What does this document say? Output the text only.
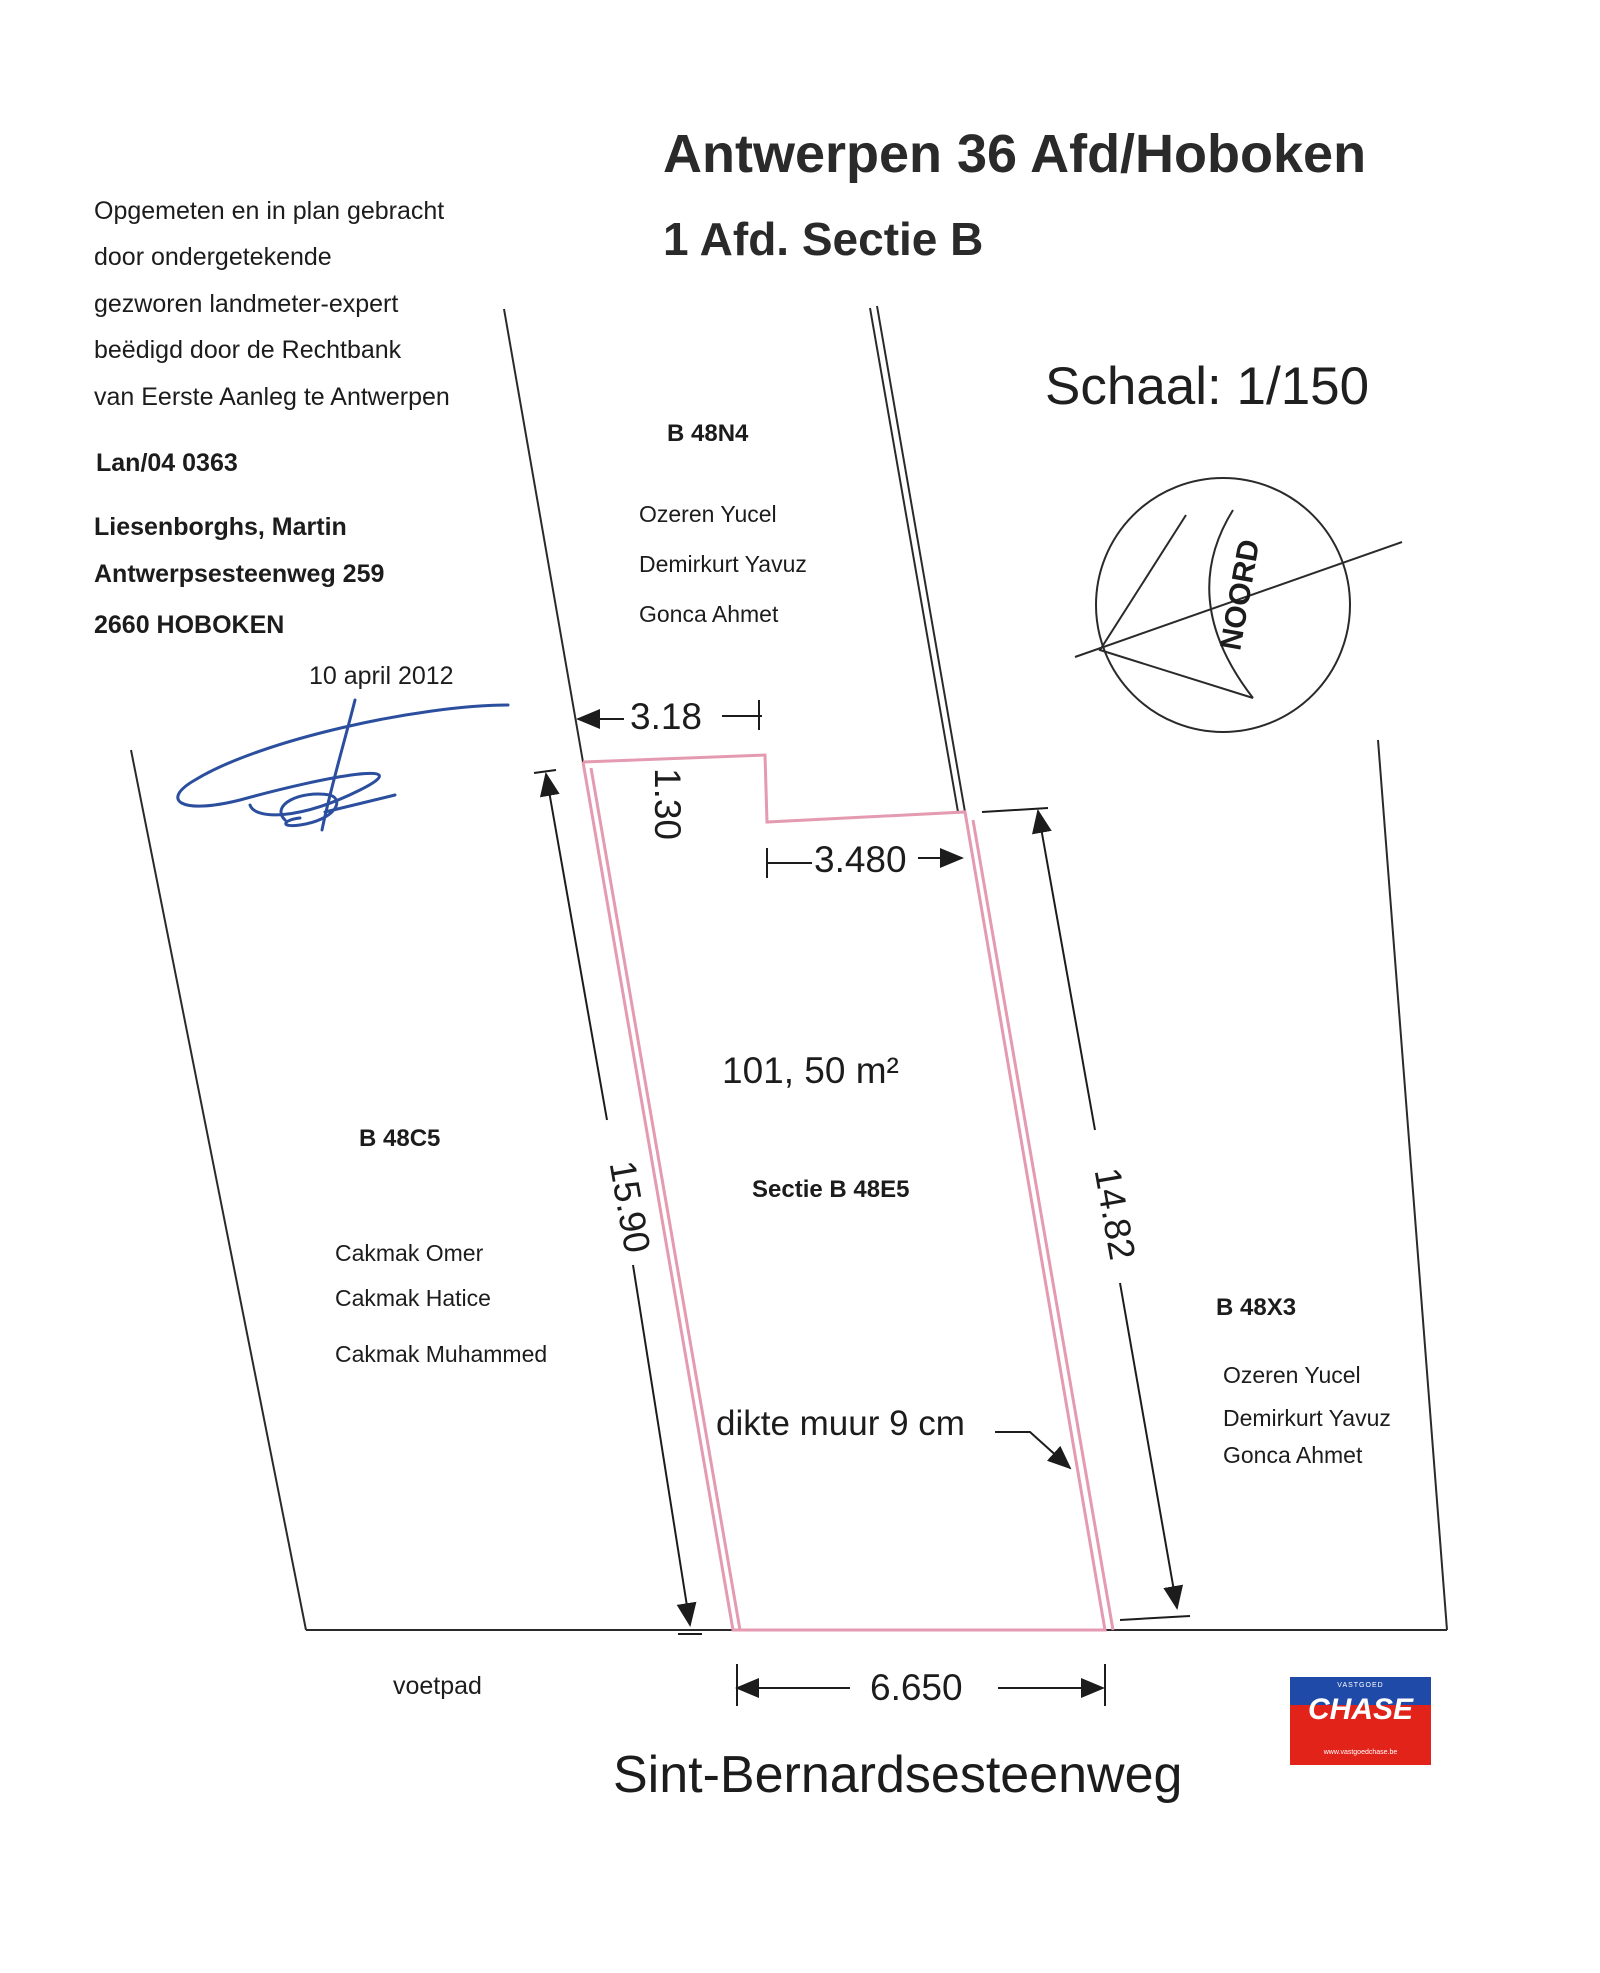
Antwerpen 36 Afd/Hoboken
1 Afd. Sectie B
Schaal: 1/150
Opgemeten en in plan gebracht
door ondergetekende
gezworen landmeter-expert
beëdigd door de Rechtbank
van Eerste Aanleg te Antwerpen
Lan/04 0363
Liesenborghs, Martin
Antwerpsesteenweg 259
2660 HOBOKEN
10 april 2012
NOORD
B 48N4
Ozeren Yucel
Demirkurt Yavuz
Gonca Ahmet
B 48C5
Cakmak Omer
Cakmak Hatice
Cakmak Muhammed
B 48X3
Ozeren Yucel
Demirkurt Yavuz
Gonca Ahmet
101, 50 m²
Sectie B 48E5
3.18
1.30
3.480
15.90	14.82
6.650
dikte muur 9 cm
voetpad
Sint-Bernardsesteenweg
VASTGOED
CHASE
www.vastgoedchase.be
